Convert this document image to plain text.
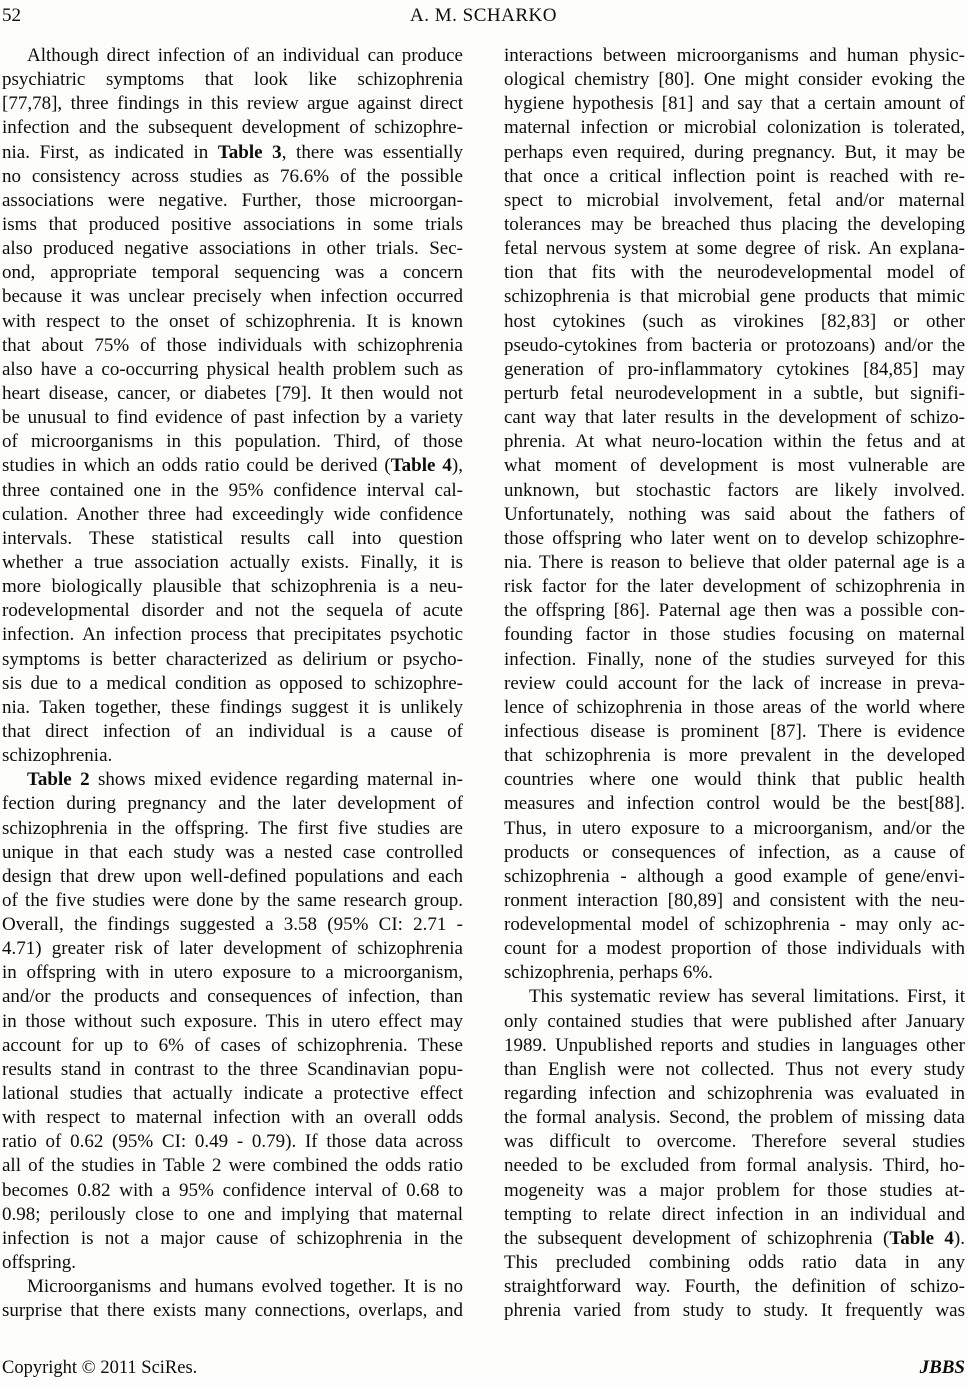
52	A. M. SCHARKO
Although direct infection of an individual can produce
psychiatric symptoms that look like schizophrenia
[77,78], three findings in this review argue against direct
infection and the subsequent development of schizophre-
nia. First, as indicated in Table 3, there was essentially
no consistency across studies as 76.6% of the possible
associations were negative. Further, those microorgan-
isms that produced positive associations in some trials
also produced negative associations in other trials. Sec-
ond, appropriate temporal sequencing was a concern
because it was unclear precisely when infection occurred
with respect to the onset of schizophrenia. It is known
that about 75% of those individuals with schizophrenia
also have a co-occurring physical health problem such as
heart disease, cancer, or diabetes [79]. It then would not
be unusual to find evidence of past infection by a variety
of microorganisms in this population. Third, of those
studies in which an odds ratio could be derived (Table 4),
three contained one in the 95% confidence interval cal-
culation. Another three had exceedingly wide confidence
intervals. These statistical results call into question
whether a true association actually exists. Finally, it is
more biologically plausible that schizophrenia is a neu-
rodevelopmental disorder and not the sequela of acute
infection. An infection process that precipitates psychotic
symptoms is better characterized as delirium or psycho-
sis due to a medical condition as opposed to schizophre-
nia. Taken together, these findings suggest it is unlikely
that direct infection of an individual is a cause of
schizophrenia.
Table 2 shows mixed evidence regarding maternal in-
fection during pregnancy and the later development of
schizophrenia in the offspring. The first five studies are
unique in that each study was a nested case controlled
design that drew upon well-defined populations and each
of the five studies were done by the same research group.
Overall, the findings suggested a 3.58 (95% CI: 2.71 -
4.71) greater risk of later development of schizophrenia
in offspring with in utero exposure to a microorganism,
and/or the products and consequences of infection, than
in those without such exposure. This in utero effect may
account for up to 6% of cases of schizophrenia. These
results stand in contrast to the three Scandinavian popu-
lational studies that actually indicate a protective effect
with respect to maternal infection with an overall odds
ratio of 0.62 (95% CI: 0.49 - 0.79). If those data across
all of the studies in Table 2 were combined the odds ratio
becomes 0.82 with a 95% confidence interval of 0.68 to
0.98; perilously close to one and implying that maternal
infection is not a major cause of schizophrenia in the
offspring.
Microorganisms and humans evolved together. It is no
surprise that there exists many connections, overlaps, and
interactions between microorganisms and human physic-
ological chemistry [80]. One might consider evoking the
hygiene hypothesis [81] and say that a certain amount of
maternal infection or microbial colonization is tolerated,
perhaps even required, during pregnancy. But, it may be
that once a critical inflection point is reached with re-
spect to microbial involvement, fetal and/or maternal
tolerances may be breached thus placing the developing
fetal nervous system at some degree of risk. An explana-
tion that fits with the neurodevelopmental model of
schizophrenia is that microbial gene products that mimic
host cytokines (such as virokines [82,83] or other
pseudo-cytokines from bacteria or protozoans) and/or the
generation of pro-inflammatory cytokines [84,85] may
perturb fetal neurodevelopment in a subtle, but signifi-
cant way that later results in the development of schizo-
phrenia. At what neuro-location within the fetus and at
what moment of development is most vulnerable are
unknown, but stochastic factors are likely involved.
Unfortunately, nothing was said about the fathers of
those offspring who later went on to develop schizophre-
nia. There is reason to believe that older paternal age is a
risk factor for the later development of schizophrenia in
the offspring [86]. Paternal age then was a possible con-
founding factor in those studies focusing on maternal
infection. Finally, none of the studies surveyed for this
review could account for the lack of increase in preva-
lence of schizophrenia in those areas of the world where
infectious disease is prominent [87]. There is evidence
that schizophrenia is more prevalent in the developed
countries where one would think that public health
measures and infection control would be the best[88].
Thus, in utero exposure to a microorganism, and/or the
products or consequences of infection, as a cause of
schizophrenia - although a good example of gene/envi-
ronment interaction [80,89] and consistent with the neu-
rodevelopmental model of schizophrenia - may only ac-
count for a modest proportion of those individuals with
schizophrenia, perhaps 6%.
This systematic review has several limitations. First, it
only contained studies that were published after January
1989. Unpublished reports and studies in languages other
than English were not collected. Thus not every study
regarding infection and schizophrenia was evaluated in
the formal analysis. Second, the problem of missing data
was difficult to overcome. Therefore several studies
needed to be excluded from formal analysis. Third, ho-
mogeneity was a major problem for those studies at-
tempting to relate direct infection in an individual and
the subsequent development of schizophrenia (Table 4).
This precluded combining odds ratio data in any
straightforward way. Fourth, the definition of schizo-
phrenia varied from study to study. It frequently was
Copyright © 2011 SciRes.	JBBS
